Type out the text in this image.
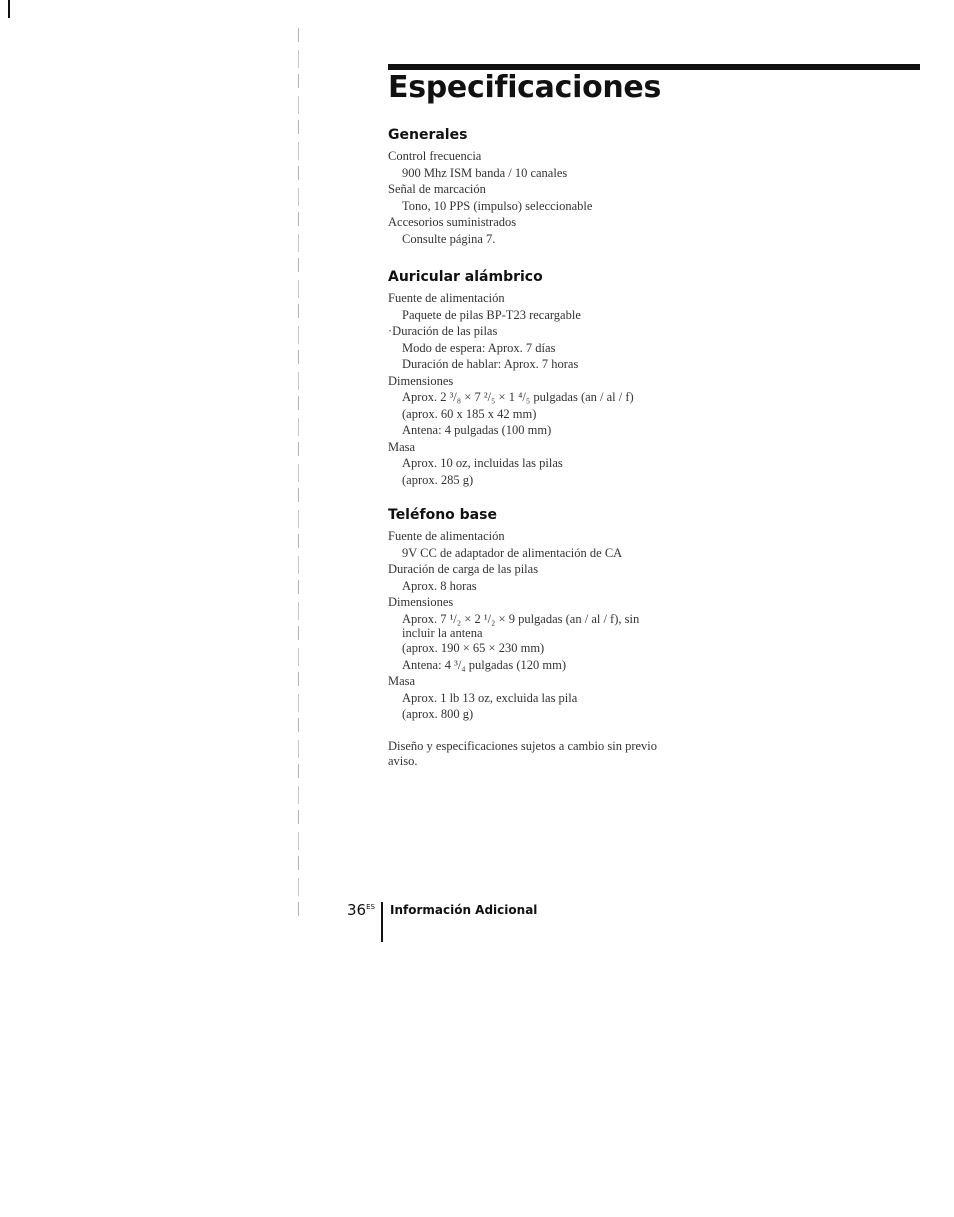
Especificaciones
Generales
Control frecuencia
900 Mhz ISM banda / 10 canales
Señal de marcación
Tono, 10 PPS (impulso) seleccionable
Accesorios suministrados
Consulte página 7.
Auricular alámbrico
Fuente de alimentación
Paquete de pilas BP-T23 recargable
·Duración de las pilas
Modo de espera: Aprox. 7 días
Duración de hablar: Aprox. 7 horas
Dimensiones
Aprox. 2 ³/₈ × 7 ²/₅ × 1 ⁴/₅ pulgadas (an / al / f)
(aprox. 60 x 185 x 42 mm)
Antena: 4 pulgadas (100 mm)
Masa
Aprox. 10 oz, incluidas las pilas
(aprox. 285 g)
Teléfono base
Fuente de alimentación
9V CC de adaptador de alimentación de CA
Duración de carga de las pilas
Aprox. 8 horas
Dimensiones
Aprox. 7 ¹/₂ × 2 ¹/₂ × 9 pulgadas (an / al / f), sin
incluir la antena
(aprox. 190 × 65 × 230 mm)
Antena: 4 ³/₄ pulgadas (120 mm)
Masa
Aprox. 1 lb 13 oz, excluida las pila
(aprox. 800 g)
Diseño y especificaciones sujetos a cambio sin previo aviso.
$36^{ES}$ Información Adicional
